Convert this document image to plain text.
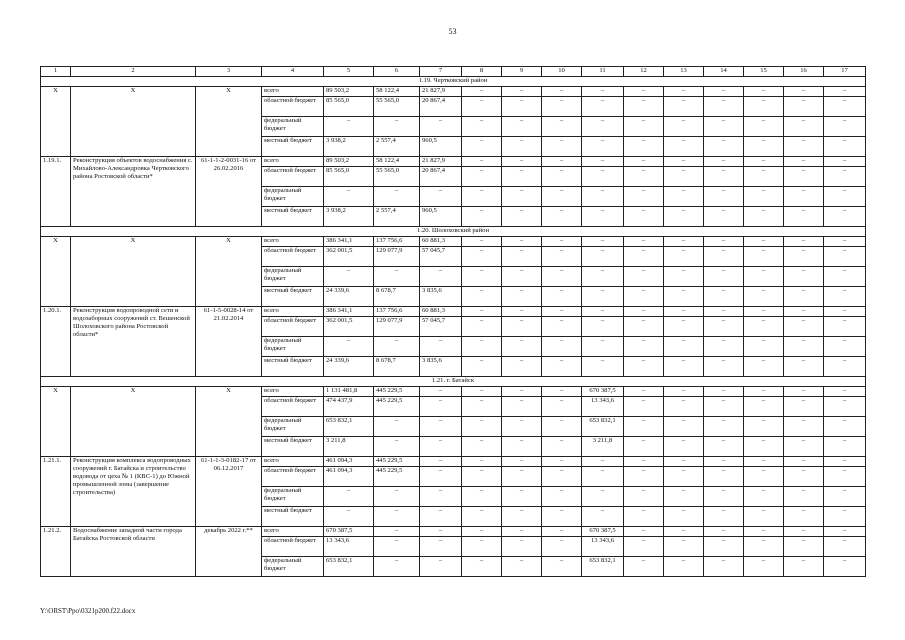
53
1	2	3	4	5	6	7	8	9	10	11	12	13	14	15	16	17
1.19. Чертковский район																
Х	Х	Х	всего	89 503,2	58 122,4	21 827,9	–	–	–	–	–	–	–	–	–	–
			областной бюджет	85 565,0	55 565,0	20 867,4	–	–	–	–	–	–	–	–	–	–
			федеральный бюджет	–	–	–	–	–	–	–	–	–	–	–	–	–
			местный бюджет	3 938,2	2 557,4	960,5	–	–	–	–	–	–	–	–	–	–
1.19.1.	Реконструкция объектов водоснабжения с. Михайлово-Александровка Чертковского района Ростовской области*	61-1-1-2-0031-16 от 26.02.2016	всего	89 503,2	58 122,4	21 827,9	–	–	–	–	–	–	–	–	–	–
			областной бюджет	85 565,0	55 565,0	20 867,4	–	–	–	–	–	–	–	–	–	–
			федеральный бюджет	–	–	–	–	–	–	–	–	–	–	–	–	–
			местный бюджет	3 938,2	2 557,4	960,5	–	–	–	–	–	–	–	–	–	–
1.20. Шолоховский район																
Х	Х	Х	всего	386 341,1	137 756,6	60 881,3	–	–	–	–	–	–	–	–	–	–
			областной бюджет	362 001,5	129 077,9	57 045,7	–	–	–	–	–	–	–	–	–	–
			федеральный бюджет	–	–	–	–	–	–	–	–	–	–	–	–	–
			местный бюджет	24 339,6	8 678,7	3 835,6	–	–	–	–	–	–	–	–	–	–
1.20.1.	Реконструкция водопроводной сети и водозаборных сооружений ст. Вешенской Шолоховского района Ростовской области*	61-1-5-0028-14 от 21.02.2014	всего	386 341,1	137 756,6	60 881,3	–	–	–	–	–	–	–	–	–	–
			областной бюджет	362 001,5	129 077,9	57 045,7	–	–	–	–	–	–	–	–	–	–
			федеральный бюджет	–	–	–	–	–	–	–	–	–	–	–	–	–
			местный бюджет	24 339,6	8 678,7	3 835,6	–	–	–	–	–	–	–	–	–	–
1.21. г. Батайск																
Х	Х	Х	всего	1 131 481,8	445 229,5	–	–	–	–	670 387,5	–	–	–	–	–	–
			областной бюджет	474 437,9	445 229,5	–	–	–	–	13 343,6	–	–	–	–	–	–
			федеральный бюджет	653 832,1	–	–	–	–	–	653 832,1	–	–	–	–	–	–
			местный бюджет	3 211,8	–	–	–	–	–	3 211,8	–	–	–	–	–	–
1.21.1.	Реконструкция комплекса водопроводных сооружений г. Батайска и строительство водовода от цеха № 1 (КВС-1) до Южной промышленной зоны (завершение строительства)	61-1-1-3-0182-17 от 06.12.2017	всего	461 094,3	445 229,5	–	–	–	–	–	–	–	–	–	–	–
			областной бюджет	461 094,3	445 229,5	–	–	–	–	–	–	–	–	–	–	–
			федеральный бюджет	–	–	–	–	–	–	–	–	–	–	–	–	–
			местный бюджет	–	–	–	–	–	–	–	–	–	–	–	–	–
1.21.2.	Водоснабжение западной части города Батайска Ростовской области	декабрь 2022 г.**	всего	670 387,5	–	–	–	–	–	670 387,5	–	–	–	–	–	–
			областной бюджет	13 343,6	–	–	–	–	–	13 343,6	–	–	–	–	–	–
			федеральный бюджет	653 832,1	–	–	–	–	–	653 832,1	–	–	–	–	–	–
Y:\ORST\Ppo\0321p200.f22.docx
